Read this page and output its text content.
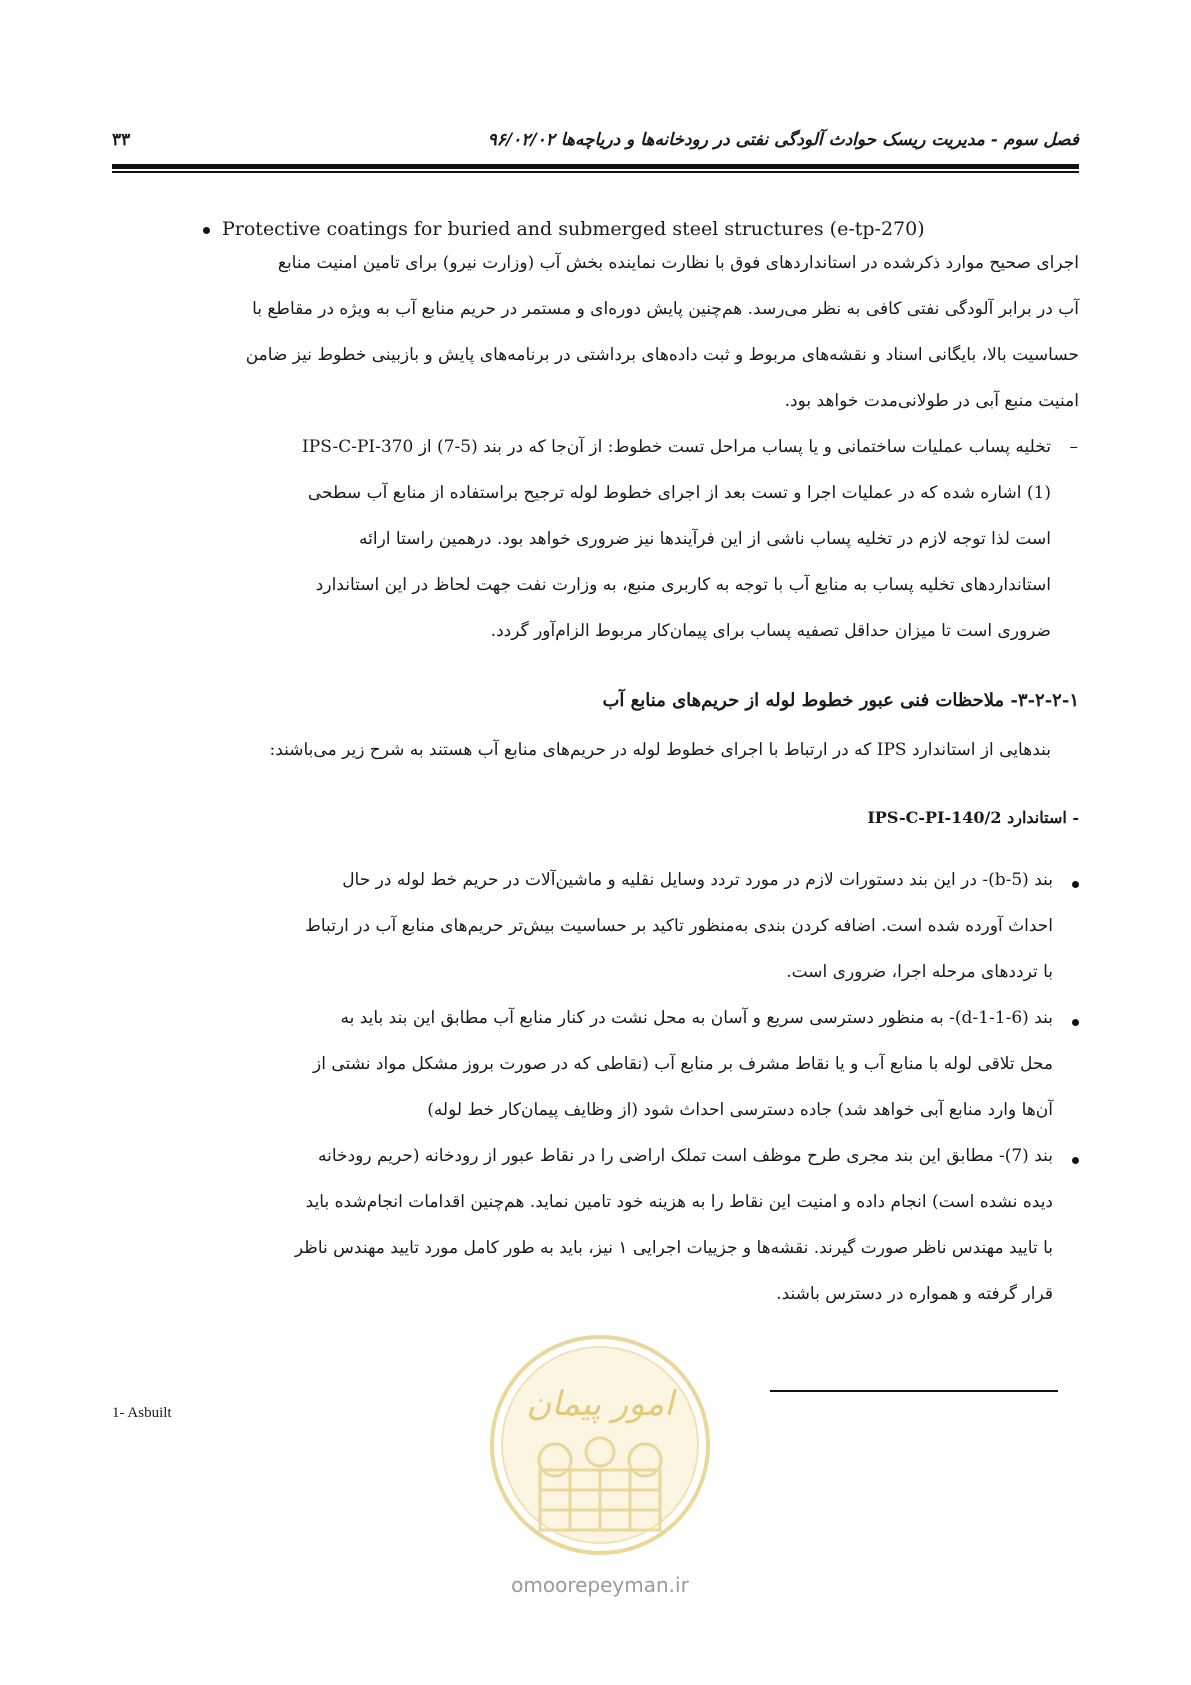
فصل سوم - مدیریت ریسک حوادث آلودگی نفتی در رودخانه‌ها و دریاچه‌ها ۹۶/۰۲/۰۲
۳۳
Protective coatings for buried and submerged steel structures (e-tp-270)
اجرای صحیح موارد ذکرشده در استانداردهای فوق با نظارت نماینده بخش آب (وزارت نیرو) برای تامین امنیت منابع
آب در برابر آلودگی نفتی کافی به نظر می‌رسد. هم‌چنین پایش دوره‌ای و مستمر در حریم منابع آب به ویژه در مقاطع با
حساسیت بالا، بایگانی اسناد و نقشه‌های مربوط و ثبت داده‌های برداشتی در برنامه‌های پایش و بازبینی خطوط نیز ضامن
امنیت منبع آبی در طولانی‌مدت خواهد بود.
–
تخلیه پساب عملیات ساختمانی و یا پساب مراحل تست خطوط: از آن‌جا که در بند (5-7) از IPS-C-PI-370
(1) اشاره شده که در عملیات اجرا و تست بعد از اجرای خطوط لوله ترجیح براستفاده از منابع آب سطحی
است لذا توجه لازم در تخلیه پساب ناشی از این فرآیندها نیز ضروری خواهد بود. درهمین راستا ارائه
استانداردهای تخلیه پساب به منابع آب با توجه به کاربری منبع، به وزارت نفت جهت لحاظ در این استاندارد
ضروری است تا میزان حداقل تصفیه پساب برای پیمان‌کار مربوط الزام‌آور گردد.
۳-۲-۲-۱- ملاحظات فنی عبور خطوط لوله از حریم‌های منابع آب
بندهایی از استاندارد IPS که در ارتباط با اجرای خطوط لوله در حریم‌های منابع آب هستند به شرح زیر می‌باشند:
- استاندارد IPS-C-PI-140/2
بند (5-b)- در این بند دستورات لازم در مورد تردد وسایل نقلیه و ماشین‌آلات در حریم خط لوله در حال
احداث آورده شده است. اضافه کردن بندی به‌منظور تاکید بر حساسیت بیش‌تر حریم‌های منابع آب در ارتباط
با ترددهای مرحله اجرا، ضروری است.
بند (6-1-1-d)- به منظور دسترسی سریع و آسان به محل نشت در کنار منابع آب مطابق این بند باید به
محل تلاقی لوله با منابع آب و یا نقاط مشرف بر منابع آب (نقاطی که در صورت بروز مشکل مواد نشتی از
آن‌ها وارد منابع آبی خواهد شد) جاده دسترسی احداث شود (از وظایف پیمان‌کار خط لوله)
بند (7)- مطابق این بند مجری طرح موظف است تملک اراضی را در نقاط عبور از رودخانه (حریم رودخانه
دیده نشده است) انجام داده و امنیت این نقاط را به هزینه خود تامین نماید. هم‌چنین اقدامات انجام‌شده باید
با تایید مهندس ناظر صورت گیرند. نقشه‌ها و جزییات اجرایی ۱ نیز، باید به طور کامل مورد تایید مهندس ناظر
قرار گرفته و همواره در دسترس باشند.
1- Asbuilt	امور پیمان
omoorepeyman.ir
